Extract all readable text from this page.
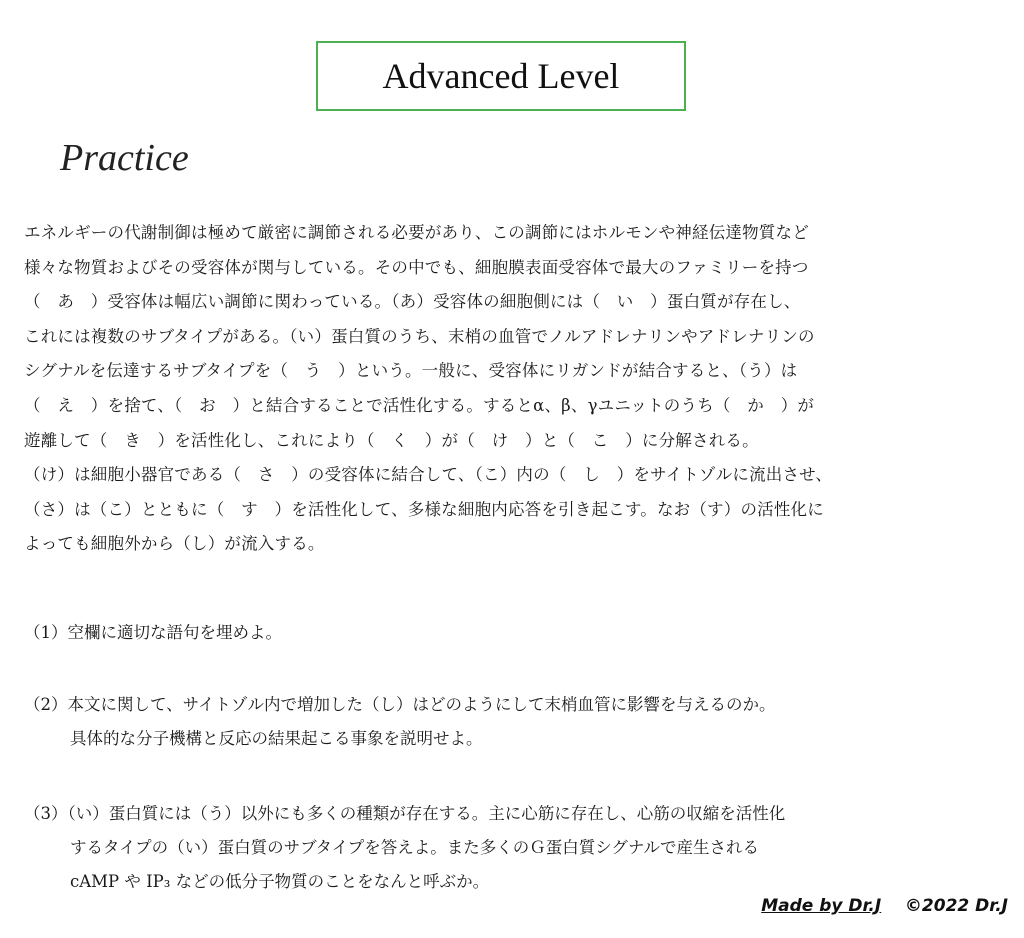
Advanced Level
Practice
エネルギーの代謝制御は極めて厳密に調節される必要があり、この調節にはホルモンや神経伝達物質など
様々な物質およびその受容体が関与している。その中でも、細胞膜表面受容体で最大のファミリーを持つ
（　あ　）受容体は幅広い調節に関わっている。（あ）受容体の細胞側には（　い　）蛋白質が存在し、
これには複数のサブタイプがある。（い）蛋白質のうち、末梢の血管でノルアドレナリンやアドレナリンの
シグナルを伝達するサブタイプを（　う　）という。一般に、受容体にリガンドが結合すると、（う）は
（　え　）を捨て、（　お　）と結合することで活性化する。するとα、β、γユニットのうち（　か　）が
遊離して（　き　）を活性化し、これにより（　く　）が（　け　）と（　こ　）に分解される。
（け）は細胞小器官である（　さ　）の受容体に結合して、（こ）内の（　し　）をサイトゾルに流出させ、
（さ）は（こ）とともに（　す　）を活性化して、多様な細胞内応答を引き起こす。なお（す）の活性化に
よっても細胞外から（し）が流入する。
（1）空欄に適切な語句を埋めよ。
（2）本文に関して、サイトゾル内で増加した（し）はどのようにして末梢血管に影響を与えるのか。
具体的な分子機構と反応の結果起こる事象を説明せよ。
（3）（い）蛋白質には（う）以外にも多くの種類が存在する。主に心筋に存在し、心筋の収縮を活性化
するタイプの（い）蛋白質のサブタイプを答えよ。また多くのＧ蛋白質シグナルで産生される
cAMP や IP₃ などの低分子物質のことをなんと呼ぶか。
Made by Dr.J ©2022 Dr.J
